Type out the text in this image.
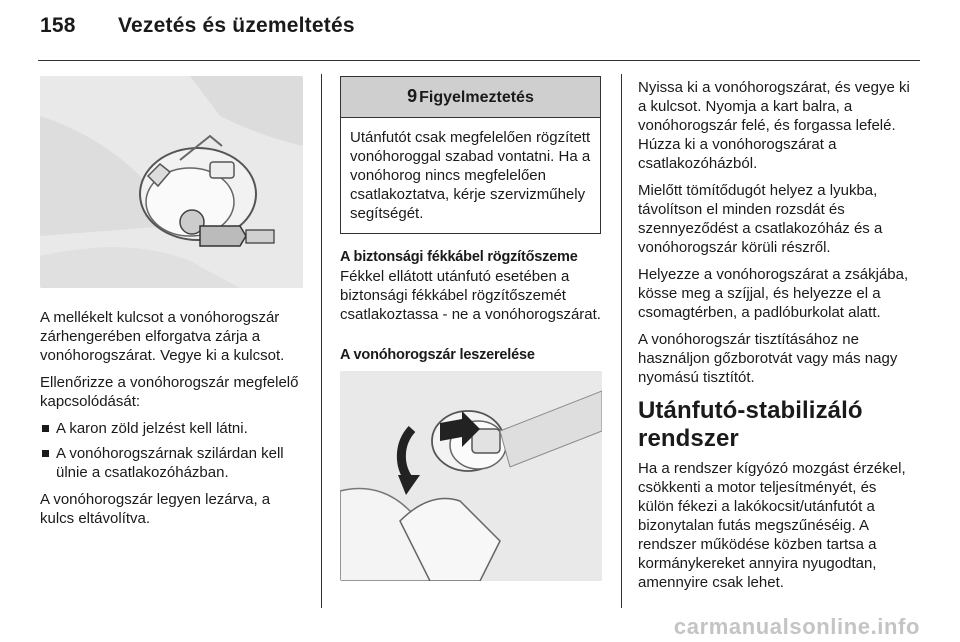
158 Vezetés és üzemeltetés

A mellékelt kulcsot a vonóhorogszár zárhengerében elforgatva zárja a vonóhorogszárat. Vegye ki a kulcsot.

Ellenőrizze a vonóhorogszár megfelelő kapcsolódását:

A karon zöld jelzést kell látni.
A vonóhorogszárnak szilárdan kell ülnie a csatlakozóházban.

A vonóhorogszár legyen lezárva, a kulcs eltávolítva.

9 Figyelmeztetés
Utánfutót csak megfelelően rögzített vonóhoroggal szabad vontatni. Ha a vonóhorog nincs megfelelően csatlakoztatva, kérje szervizműhely segítségét.
A biztonsági fékkábel rögzítőszeme

Fékkel ellátott utánfutó esetében a biztonsági fékkábel rögzítőszemét csatlakoztassa - ne a vonóhorogszárat.

A vonóhorogszár leszerelése

Nyissa ki a vonóhorogszárat, és vegye ki a kulcsot. Nyomja a kart balra, a vonóhorogszár felé, és forgassa lefelé. Húzza ki a vonóhorogszárat a csatlakozóházból.

Mielőtt tömítődugót helyez a lyukba, távolítson el minden rozsdát és szennyeződést a csatlakozóház és a vonóhorogszár körüli részről.

Helyezze a vonóhorogszárat a zsákjába, kösse meg a szíjjal, és helyezze el a csomagtérben, a padlóburkolat alatt.

A vonóhorogszár tisztításához ne használjon gőzborotvát vagy más nagy nyomású tisztítót.

Utánfutó-stabilizáló rendszer

Ha a rendszer kígyózó mozgást érzékel, csökkenti a motor teljesítményét, és külön fékezi a lakókocsit/utánfutót a bizonytalan futás megszűnéséig. A rendszer működése közben tartsa a kormánykereket annyira nyugodtan, amennyire csak lehet.

carmanualsonline.info
